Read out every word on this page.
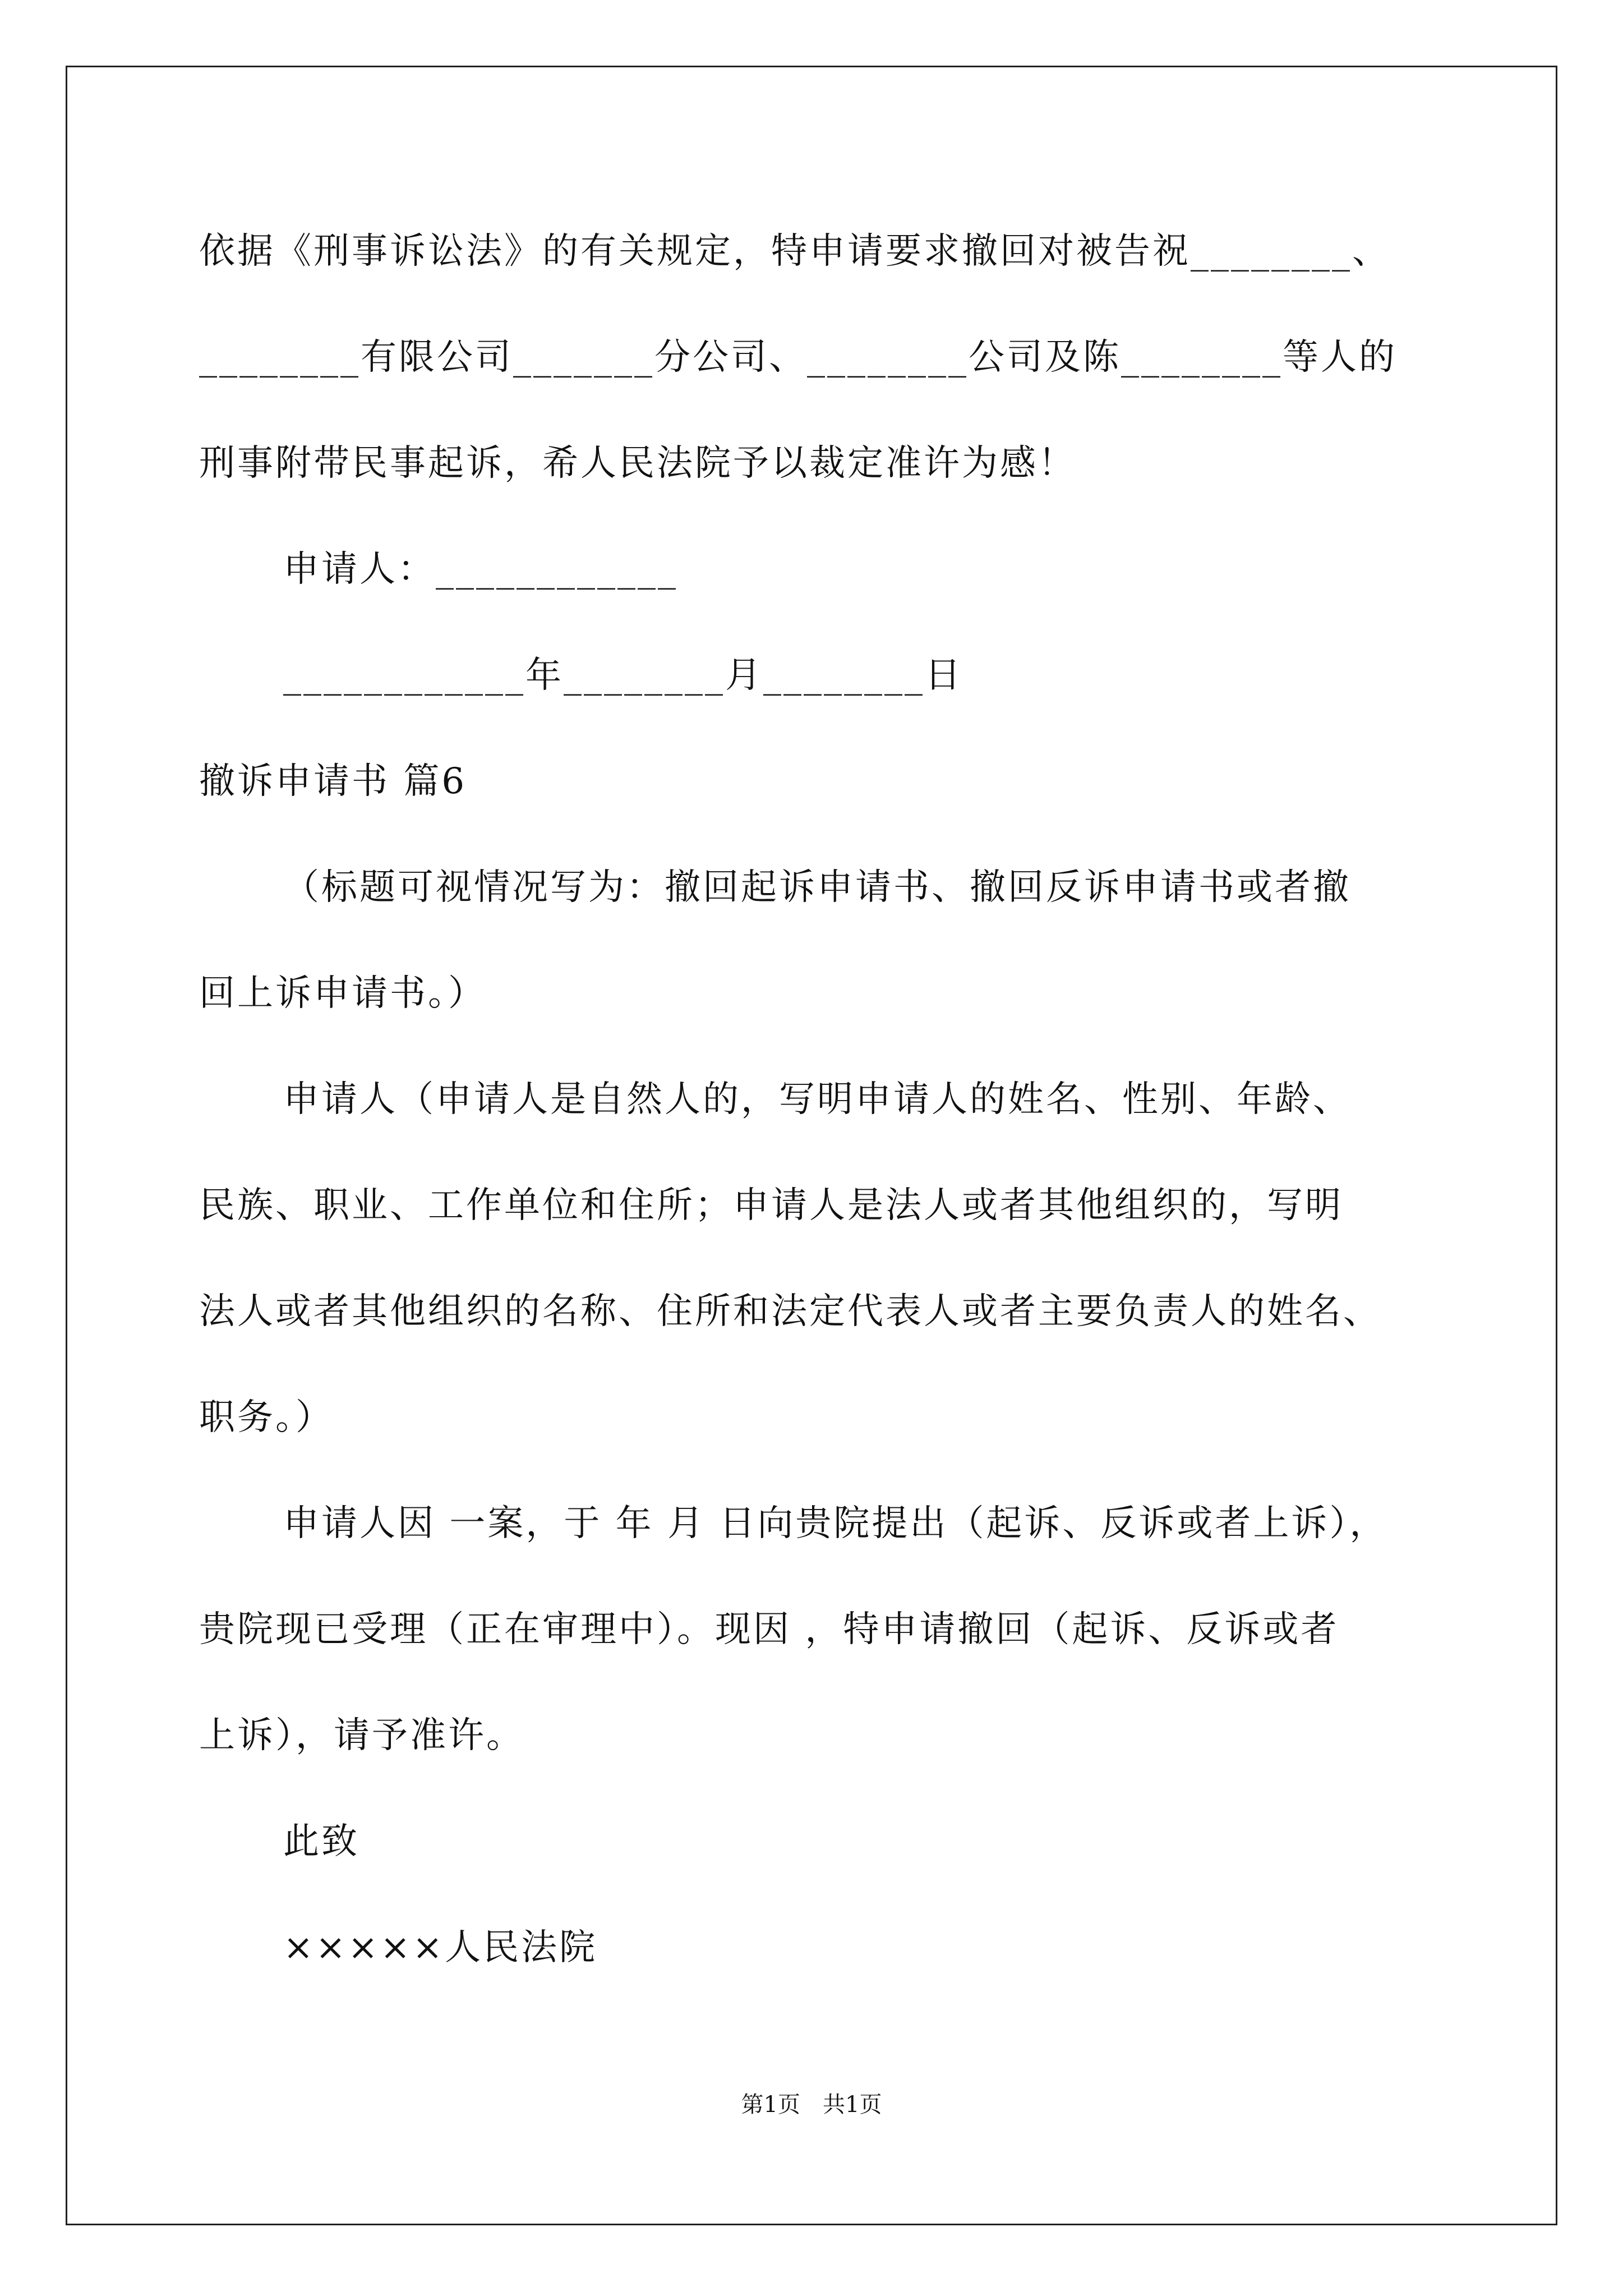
依据《刑事诉讼法》的有关规定，特申请要求撤回对被告祝________、
________有限公司_______分公司、________公司及陈________等人的
刑事附带民事起诉，希人民法院予以裁定准许为感！
申请人：____________
____________年________月________日
撤诉申请书 篇6
（标题可视情况写为：撤回起诉申请书、撤回反诉申请书或者撤
回上诉申请书。）
申请人（申请人是自然人的，写明申请人的姓名、性别、年龄、
民族、职业、工作单位和住所；申请人是法人或者其他组织的，写明
法人或者其他组织的名称、住所和法定代表人或者主要负责人的姓名、
职务。）
申请人因 一案，于 年 月 日向贵院提出（起诉、反诉或者上诉），
贵院现已受理（正在审理中）。现因 ，特申请撤回（起诉、反诉或者
上诉），请予准许。
此致
×××××人民法院
第1页　共1页
